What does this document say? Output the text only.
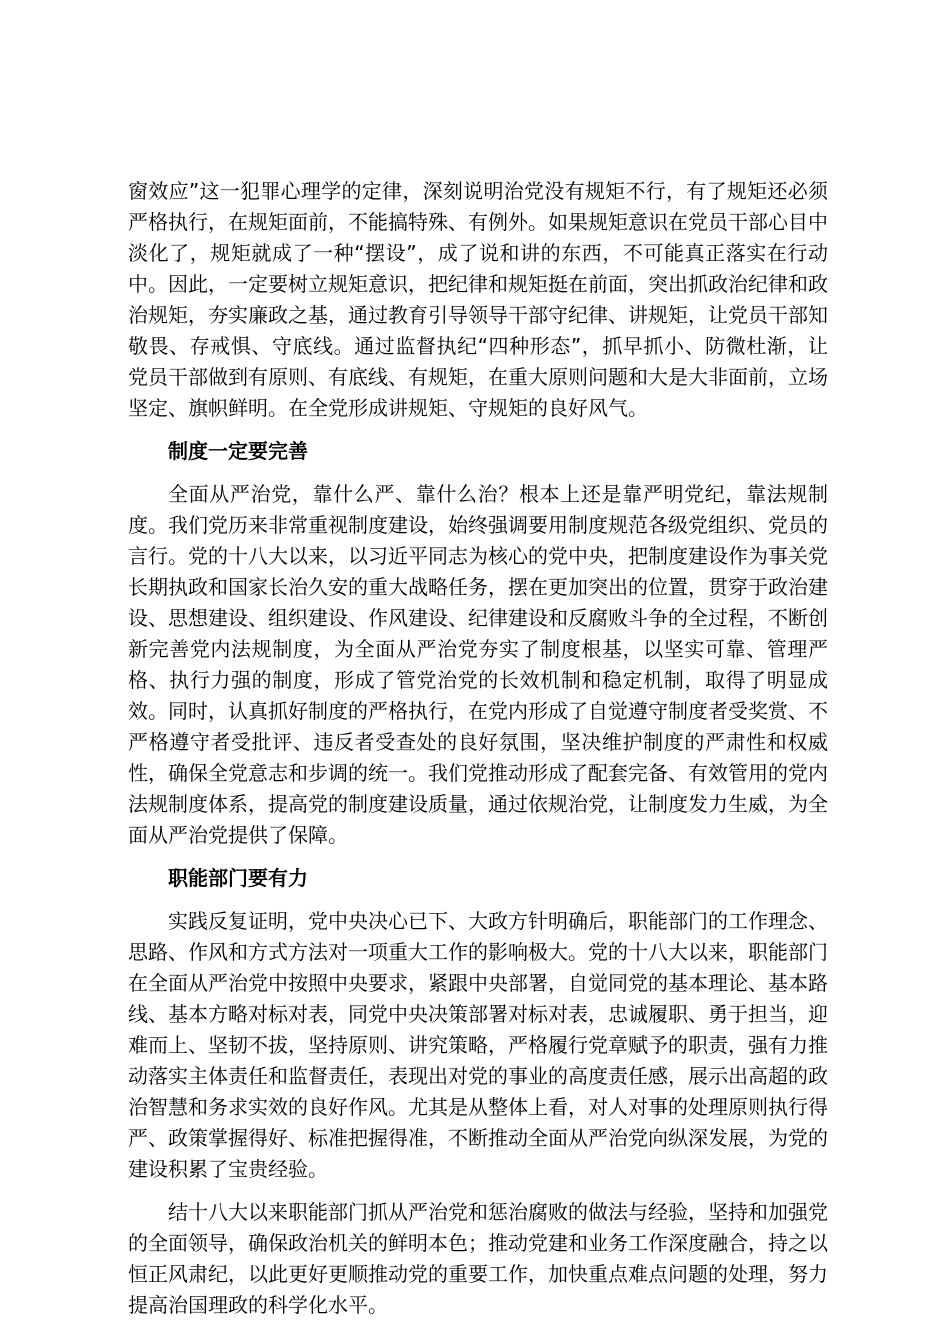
窗效应”这一犯罪心理学的定律，深刻说明治党没有规矩不行，有了规矩还必须严格执行，在规矩面前，不能搞特殊、有例外。如果规矩意识在党员干部心目中淡化了，规矩就成了一种“摆设”，成了说和讲的东西，不可能真正落实在行动中。因此，一定要树立规矩意识，把纪律和规矩挺在前面，突出抓政治纪律和政治规矩，夯实廉政之基，通过教育引导领导干部守纪律、讲规矩，让党员干部知敬畏、存戒惧、守底线。通过监督执纪“四种形态”，抓早抓小、防微杜渐，让党员干部做到有原则、有底线、有规矩，在重大原则问题和大是大非面前，立场坚定、旗帜鲜明。在全党形成讲规矩、守规矩的良好风气。

制度一定要完善

全面从严治党，靠什么严、靠什么治？根本上还是靠严明党纪，靠法规制度。我们党历来非常重视制度建设，始终强调要用制度规范各级党组织、党员的言行。党的十八大以来，以习近平同志为核心的党中央，把制度建设作为事关党长期执政和国家长治久安的重大战略任务，摆在更加突出的位置，贯穿于政治建设、思想建设、组织建设、作风建设、纪律建设和反腐败斗争的全过程，不断创新完善党内法规制度，为全面从严治党夯实了制度根基，以坚实可靠、管理严格、执行力强的制度，形成了管党治党的长效机制和稳定机制，取得了明显成效。同时，认真抓好制度的严格执行，在党内形成了自觉遵守制度者受奖赏、不严格遵守者受批评、违反者受查处的良好氛围，坚决维护制度的严肃性和权威性，确保全党意志和步调的统一。我们党推动形成了配套完备、有效管用的党内法规制度体系，提高党的制度建设质量，通过依规治党，让制度发力生威，为全面从严治党提供了保障。

职能部门要有力

实践反复证明，党中央决心已下、大政方针明确后，职能部门的工作理念、思路、作风和方式方法对一项重大工作的影响极大。党的十八大以来，职能部门在全面从严治党中按照中央要求，紧跟中央部署，自觉同党的基本理论、基本路线、基本方略对标对表，同党中央决策部署对标对表，忠诚履职、勇于担当，迎难而上、坚韧不拔，坚持原则、讲究策略，严格履行党章赋予的职责，强有力推动落实主体责任和监督责任，表现出对党的事业的高度责任感，展示出高超的政治智慧和务求实效的良好作风。尤其是从整体上看，对人对事的处理原则执行得严、政策掌握得好、标准把握得准，不断推动全面从严治党向纵深发展，为党的建设积累了宝贵经验。

结十八大以来职能部门抓从严治党和惩治腐败的做法与经验，坚持和加强党的全面领导，确保政治机关的鲜明本色；推动党建和业务工作深度融合，持之以恒正风肃纪，以此更好更顺推动党的重要工作，加快重点难点问题的处理，努力提高治国理政的科学化水平。
